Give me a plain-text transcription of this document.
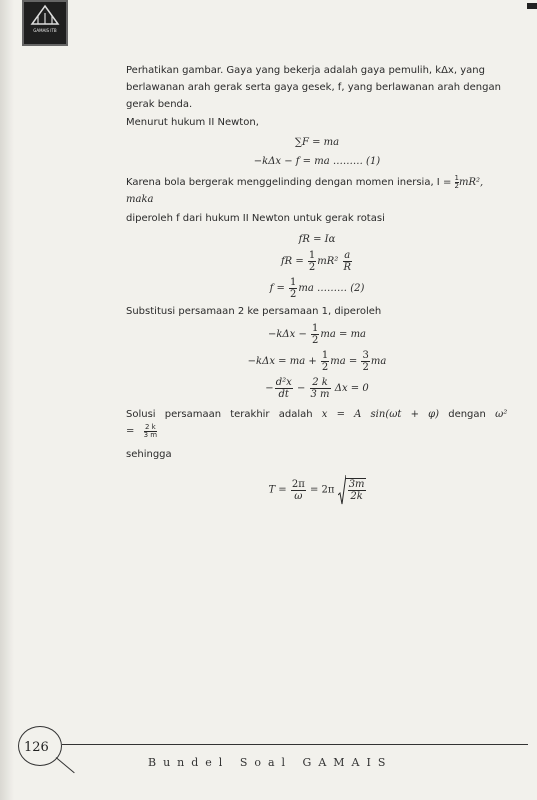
GAMAIS ITB

Perhatikan gambar. Gaya yang bekerja adalah gaya pemulih, kΔx, yang berlawanan arah gerak serta gaya gesek, f, yang berlawanan arah dengan gerak benda.

Menurut hukum II Newton,

∑F = ma
−kΔx − f = ma ……… (1)

Karena bola bergerak menggelinding dengan momen inersia, $I = \frac{1}{2} mR^2$, maka

diperoleh f dari hukum II Newton untuk gerak rotasi

fR = Iα
fR = $\frac{1}{2} mR^2 \frac{a}{R}$
$f = \frac{1}{2}$ ma ……… (2)

Substitusi persamaan 2 ke persamaan 1, diperoleh

$-k\Delta x - \frac{1}{2}$ ma = ma
−kΔx = ma + $\frac{1}{2}$ ma = $\frac{3}{2}$ ma
− $\frac{\text{d²x}}{dt} - \frac{2 k}{3 m}$ Δx = 0

Solusi persamaan terakhir adalah x = A sin(ωt + φ) dengan $\omega^2 = \frac{2 k}{3 m}$

sehingga

$T = \frac{2\pi}{\omega} = 2\pi \frac{3m}{2k}$
126
Bundel Soal GAMAIS
